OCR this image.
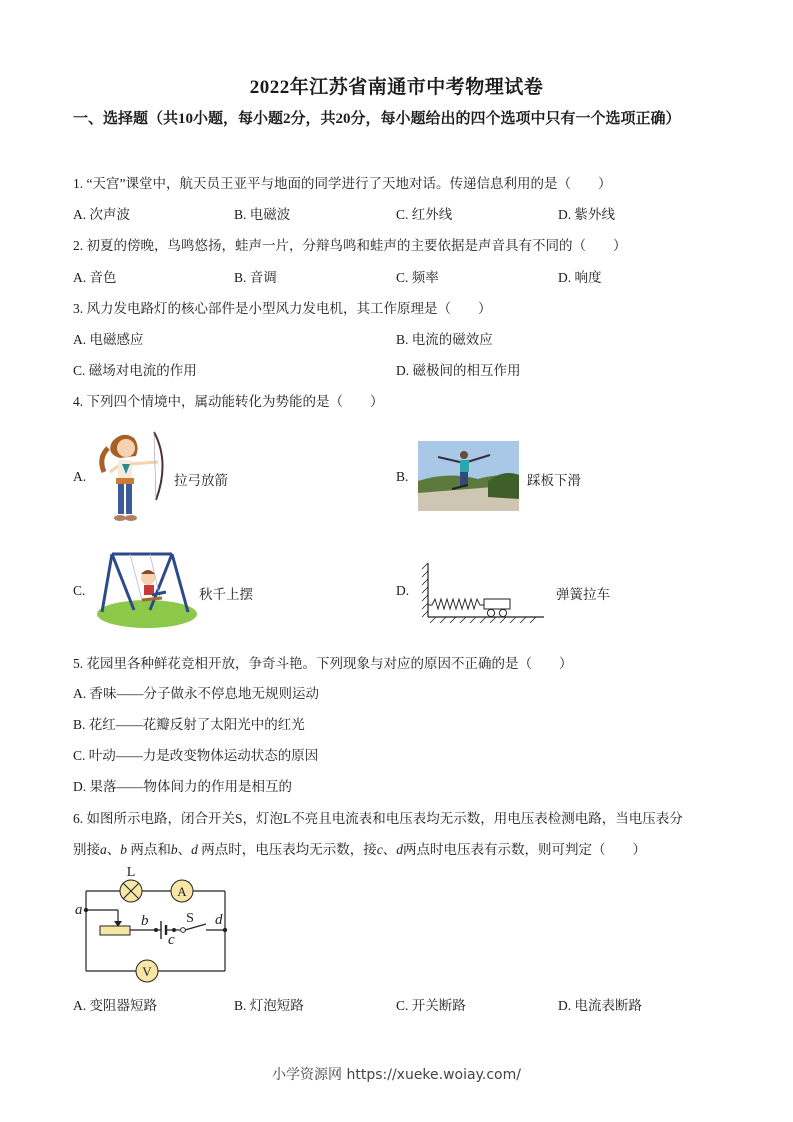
2022年江苏省南通市中考物理试卷
一、选择题（共10小题，每小题2分，共20分，每小题给出的四个选项中只有一个选项正确）
1. “天宫”课堂中，航天员王亚平与地面的同学进行了天地对话。传递信息利用的是（　　）
A. 次声波	B. 电磁波	C. 红外线	D. 紫外线
2. 初夏的傍晚，鸟鸣悠扬，蛙声一片，分辩鸟鸣和蛙声的主要依据是声音具有不同的（　　）
A. 音色	B. 音调	C. 频率	D. 响度
3. 风力发电路灯的核心部件是小型风力发电机，其工作原理是（　　）
A. 电磁感应	B. 电流的磁效应
C. 磁场对电流的作用	D. 磁极间的相互作用
4. 下列四个情境中，属动能转化为势能的是（　　）
A.	拉弓放箭	B.	踩板下滑
C.	秋千上摆	D.	弹簧拉车
5. 花园里各种鲜花竞相开放，争奇斗艳。下列现象与对应的原因不正确的是（　　）
A. 香味——分子做永不停息地无规则运动
B. 花红——花瓣反射了太阳光中的红光
C. 叶动——力是改变物体运动状态的原因
D. 果落——物体间力的作用是相互的
6. 如图所示电路，闭合开关S，灯泡L不亮且电流表和电压表均无示数，用电压表检测电路，当电压表分
别接a、b 两点和b、d 两点时，电压表均无示数，接c、d两点时电压表有示数，则可判定（　　）
L
A
V
S
a
b
c
d
A. 变阻器短路	B. 灯泡短路	C. 开关断路	D. 电流表断路
小学资源网 https://xueke.woiay.com/
